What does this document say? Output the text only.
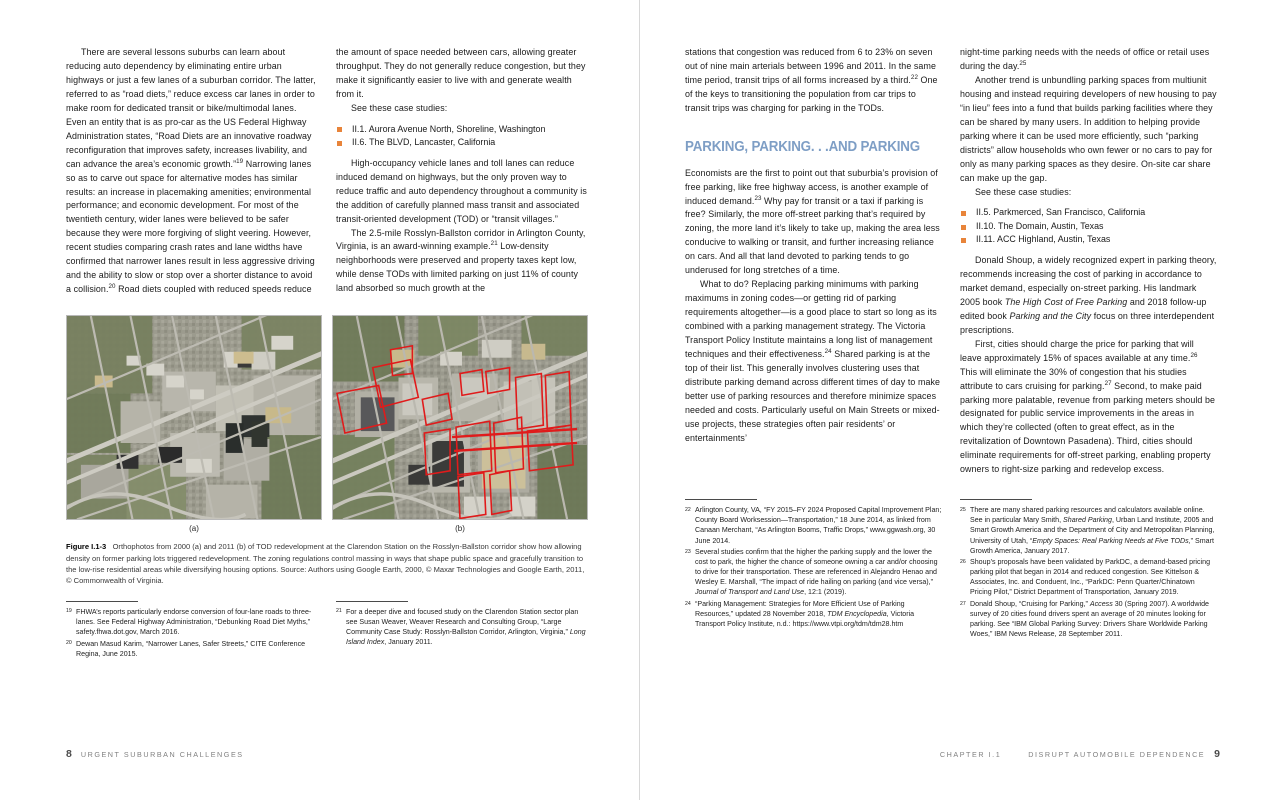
There are several lessons suburbs can learn about reducing auto dependency by eliminating entire urban highways or just a few lanes of a suburban corridor. The latter, referred to as “road diets,” reduce excess car lanes in order to make room for dedicated transit or bike/multimodal lanes. Even an entity that is as pro-car as the US Federal Highway Administration states, “Road Diets are an innovative roadway reconfiguration that improves safety, increases livability, and can advance the area’s economic growth.”$^{19}$ Narrowing lanes so as to carve out space for alternative modes has similar results: an increase in placemaking amenities; environmental performance; and economic development. For most of the twentieth century, wider lanes were believed to be safer because they were more forgiving of slight veering. However, recent studies comparing crash rates and lane widths have confirmed that narrower lanes result in less aggressive driving and the ability to slow or stop over a shorter distance to avoid a collision.$^{20}$ Road diets coupled with reduced speeds reduce

the amount of space needed between cars, allowing greater throughput. They do not generally reduce congestion, but they make it significantly easier to live with and generate wealth from it.

See these case studies:

II.1. Aurora Avenue North, Shoreline, Washington
II.6. The BLVD, Lancaster, California

High-occupancy vehicle lanes and toll lanes can reduce induced demand on highways, but the only proven way to reduce traffic and auto dependency throughout a community is the addition of carefully planned mass transit and associated transit-oriented development (TOD) or “transit villages.”

The 2.5-mile Rosslyn-Ballston corridor in Arlington County, Virginia, is an award-winning example.$^{21}$ Low-density neighborhoods were preserved and property taxes kept low, while dense TODs with limited parking on just 11% of county land absorbed so much growth at the

(a)	(b)

Figure I.1-3 Orthophotos from 2000 (a) and 2011 (b) of TOD redevelopment at the Clarendon Station on the Rosslyn-Ballston corridor show how allowing density on former parking lots triggered redevelopment. The zoning regulations control massing in ways that shape public space and gracefully transition to the low-rise residential areas while diversifying housing options. Source: Authors using Google Earth, 2000, © Maxar Technologies and Google Earth, 2011, © Commonwealth of Virginia.

19 FHWA’s reports particularly endorse conversion of four-lane roads to three-lanes. See Federal Highway Administration, “Debunking Road Diet Myths,” safety.fhwa.dot.gov, March 2016.
20 Dewan Masud Karim, “Narrower Lanes, Safer Streets,” CITE Conference Regina, June 2015.
21 For a deeper dive and focused study on the Clarendon Station sector plan see Susan Weaver, Weaver Research and Consulting Group, “Large Community Case Study: Rosslyn-Ballston Corridor, Arlington, Virginia,” Long Island Index, January 2011.
8 URGENT SUBURBAN CHALLENGES

stations that congestion was reduced from 6 to 23% on seven out of nine main arterials between 1996 and 2011. In the same time period, transit trips of all forms increased by a third.$^{22}$ One of the keys to transitioning the population from car trips to transit trips was charging for parking in the TODs.

PARKING, PARKING. . .AND PARKING

Economists are the first to point out that suburbia’s provision of free parking, like free highway access, is another example of induced demand.$^{23}$ Why pay for transit or a taxi if parking is free? Similarly, the more off-street parking that’s required by zoning, the more land it’s likely to take up, making the area less conducive to walking or transit, and further increasing reliance on cars. And all that land devoted to parking tends to go underused for long stretches of a time.

What to do? Replacing parking minimums with parking maximums in zoning codes—or getting rid of parking requirements altogether—is a good place to start so long as its combined with a parking management strategy. The Victoria Transport Policy Institute maintains a long list of management techniques and their effectiveness.$^{24}$ Shared parking is at the top of their list. This generally involves clustering uses that distribute parking demand across different times of day to make better use of parking resources and therefore minimize spaces needed and costs. Particularly useful on Main Streets or mixed-use projects, these strategies often pair residents’ or entertainments’

night-time parking needs with the needs of office or retail uses during the day.$^{25}$

Another trend is unbundling parking spaces from multiunit housing and instead requiring developers of new housing to pay “in lieu” fees into a fund that builds parking facilities where they can be shared by many users. In addition to helping provide parking where it can be used more efficiently, such “parking districts” allow households who own fewer or no cars to pay for only as many parking spaces as they desire. On-site car share can make up the gap.

See these case studies:

II.5. Parkmerced, San Francisco, California
II.10. The Domain, Austin, Texas
II.11. ACC Highland, Austin, Texas

Donald Shoup, a widely recognized expert in parking theory, recommends increasing the cost of parking in accordance to market demand, especially on-street parking. His landmark 2005 book The High Cost of Free Parking and 2018 follow-up edited book Parking and the City focus on three interdependent prescriptions.

First, cities should charge the price for parking that will leave approximately 15% of spaces available at any time.$^{26}$ This will eliminate the 30% of congestion that his studies attribute to cars cruising for parking.$^{27}$ Second, to make paid parking more palatable, revenue from parking meters should be designated for public service improvements in the areas in which they’re collected (often to great effect, as in the revitalization of Downtown Pasadena). Third, cities should eliminate requirements for off-street parking, enabling property owners to right-size parking and redevelop excess.

22 Arlington County, VA, “FY 2015–FY 2024 Proposed Capital Improvement Plan; County Board Worksession—Transportation,” 18 June 2014, as linked from Canaan Merchant, “As Arlington Booms, Traffic Drops,” www.ggwash.org, 30 June 2014.
23 Several studies confirm that the higher the parking supply and the lower the cost to park, the higher the chance of someone owning a car and/or choosing to drive for their transportation. These are referenced in Alejandro Henao and Wesley E. Marshall, “The impact of ride hailing on parking (and vice versa),” Journal of Transport and Land Use, 12:1 (2019).
24 “Parking Management: Strategies for More Efficient Use of Parking Resources,” updated 28 November 2018, TDM Encyclopedia, Victoria Transport Policy Institute, n.d.: https://www.vtpi.org/tdm/tdm28.htm
25 There are many shared parking resources and calculators available online. See in particular Mary Smith, Shared Parking, Urban Land Institute, 2005 and Smart Growth America and the Department of City and Metropolitan Planning, University of Utah, “Empty Spaces: Real Parking Needs at Five TODs,” Smart Growth America, January 2017.
26 Shoup’s proposals have been validated by ParkDC, a demand-based pricing parking pilot that began in 2014 and reduced congestion. See Kittelson & Associates, Inc. and Conduent, Inc., “ParkDC: Penn Quarter/Chinatown Pricing Pilot,” District Department of Transportation, January 2019.
27 Donald Shoup, “Cruising for Parking,” Access 30 (Spring 2007). A worldwide survey of 20 cities found drivers spent an average of 20 minutes looking for parking. See “IBM Global Parking Survey: Drivers Share Worldwide Parking Woes,” IBM News Release, 28 September 2011.
CHAPTER I.1	DISRUPT AUTOMOBILE DEPENDENCE 9
